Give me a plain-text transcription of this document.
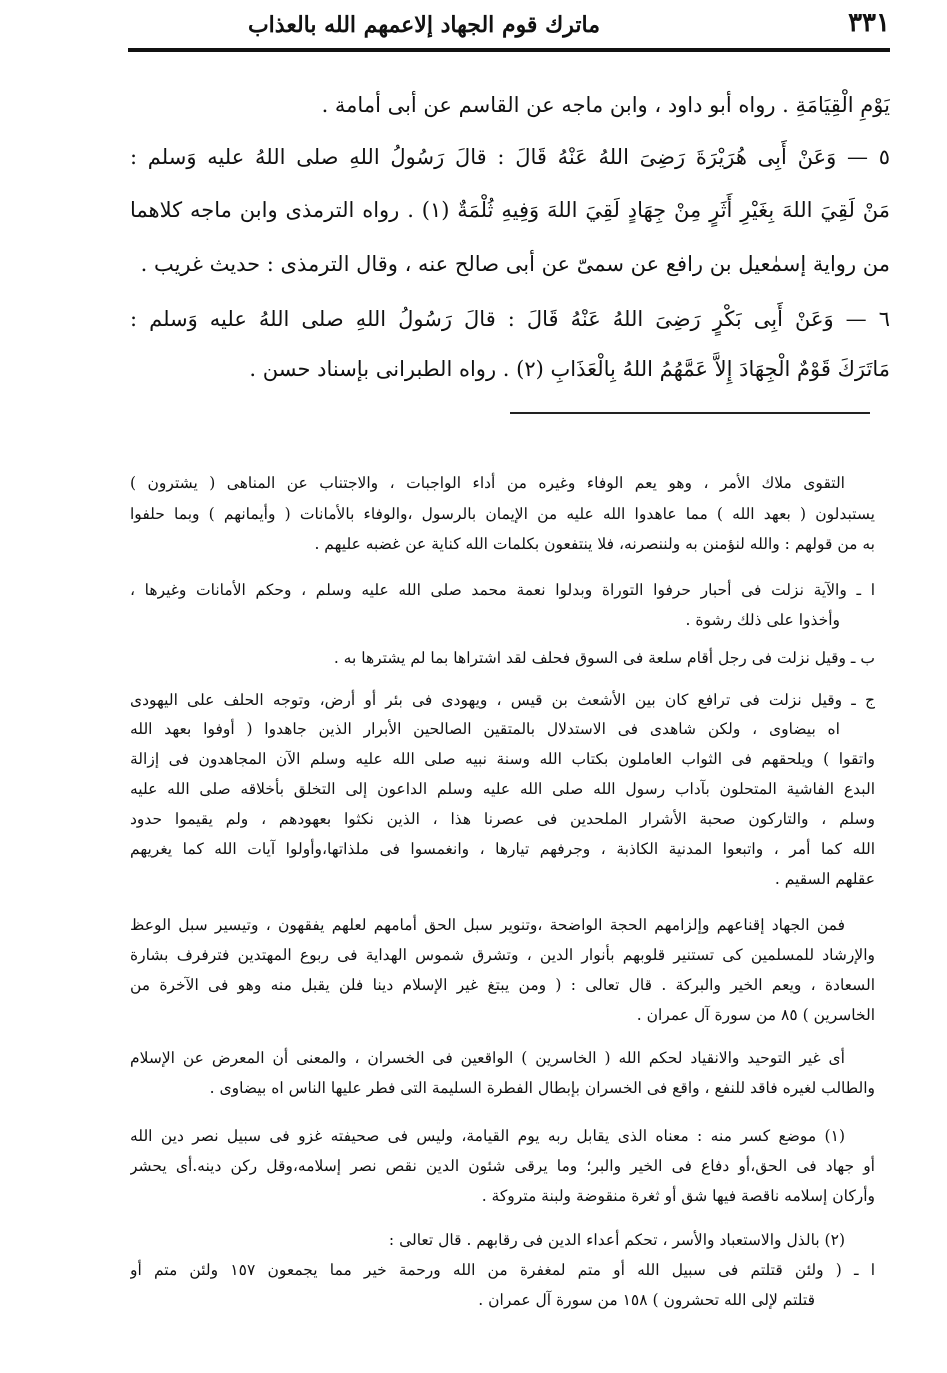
٣٣١
ماترك قوم الجهاد إلاعمهم الله بالعذاب
يَوْمِ الْقِيَامَةِ . رواه أبو داود ، وابن ماجه عن القاسم عن أبى أمامة .
٥ — وَعَنْ أَبِى هُرَيْرَةَ رَضِىَ اللهُ عَنْهُ قَالَ : قالَ رَسُولُ اللهِ صلى اللهُ عليه وَسلم :
مَنْ لَقِيَ اللهَ بِغَيْرِ أَثَرٍ مِنْ جِهَادٍ لَقِيَ اللهَ وَفِيهِ ثُلْمَةٌ (١) . رواه الترمذى وابن ماجه كلاهما
من رواية إسمٰعيل بن رافع عن سمىّ عن أبى صالح عنه ، وقال الترمذى : حديث غريب .
٦ — وَعَنْ أَبِى بَكْرٍ رَضِىَ اللهُ عَنْهُ قَالَ : قالَ رَسُولُ اللهِ صلى اللهُ عليه وَسلم :
مَاتَرَكَ قَوْمٌ الْجِهَادَ إِلاَّ عَمَّهُمُ اللهُ بِالْعَذَابِ (٢) . رواه الطبرانى بإسناد حسن .
التقوى ملاك الأمر ، وهو يعم الوفاء وغيره من أداء الواجبات ، والاجتناب عن المناهى ( يشترون )
يستبدلون ( بعهد الله ) مما عاهدوا الله عليه من الإيمان بالرسول ،والوفاء بالأمانات ( وأيمانهم ) وبما حلفوا
به من قولهم : والله لنؤمنن به ولننصرنه، فلا ينتفعون بكلمات الله كناية عن غضبه عليهم .
ا ـ والآية نزلت فى أحبار حرفوا التوراة وبدلوا نعمة محمد صلى الله عليه وسلم ، وحكم الأمانات وغيرها ،
وأخذوا على ذلك رشوة .
ب ـ وقيل نزلت فى رجل أقام سلعة فى السوق فحلف لقد اشتراها بما لم يشترها به .
ج ـ وقيل نزلت فى ترافع كان بين الأشعث بن قيس ، ويهودى فى بئر أو أرض، وتوجه الحلف على اليهودى
اه بيضاوى ، ولكن شاهدى فى الاستدلال بالمتقين الصالحين الأبرار الذين جاهدوا ( أوفوا بعهد الله
واتقوا ) ويلحقهم فى الثواب العاملون بكتاب الله وسنة نبيه صلى الله عليه وسلم الآن المجاهدون فى إزالة
البدع الفاشية المتحلون بآداب رسول الله صلى الله عليه وسلم الداعون إلى التخلق بأخلاقه صلى الله عليه
وسلم ، والتاركون صحبة الأشرار الملحدين فى عصرنا هذا ، الذين نكثوا بعهودهم ، ولم يقيموا حدود
الله كما أمر ، واتبعوا المدنية الكاذبة ، وجرفهم تيارها ، وانغمسوا فى ملذاتها،وأولوا آيات الله كما يغريهم
عقلهم السقيم .
فمن الجهاد إقناعهم وإلزامهم الحجة الواضحة ،وتنوير سبل الحق أمامهم لعلهم يفقهون ، وتيسير سبل الوعظ
والإرشاد للمسلمين كى تستنير قلوبهم بأنوار الدين ، وتشرق شموس الهداية فى ربوع المهتدين فترفرف بشارة
السعادة ، ويعم الخير والبركة . قال تعالى : ( ومن يبتغ غير الإسلام دينا فلن يقبل منه وهو فى الآخرة من
الخاسرين ) ٨٥ من سورة آل عمران .
أى غير التوحيد والانقياد لحكم الله ( الخاسرين ) الواقعين فى الخسران ، والمعنى أن المعرض عن الإسلام
والطالب لغيره فاقد للنفع ، واقع فى الخسران بإبطال الفطرة السليمة التى فطر عليها الناس اه بيضاوى .
(١) موضع كسر منه : معناه الذى يقابل ربه يوم القيامة، وليس فى صحيفته غزو فى سبيل نصر دين الله
أو جهاد فى الحق،أو دفاع فى الخير والبر؛ وما يرقى شئون الدين نقص نصر إسلامه،وقل ركن دينه.أى يحشر
وأركان إسلامه ناقصة فيها شق أو ثغرة منقوضة ولبنة متروكة .
(٢) بالذل والاستعباد والأسر ، تحكم أعداء الدين فى رقابهم . قال تعالى :
ا ـ ( ولئن قتلتم فى سبيل الله أو متم لمغفرة من الله ورحمة خير مما يجمعون ١٥٧ ولئن متم أو
قتلتم لإلى الله تحشرون ) ١٥٨ من سورة آل عمران .
